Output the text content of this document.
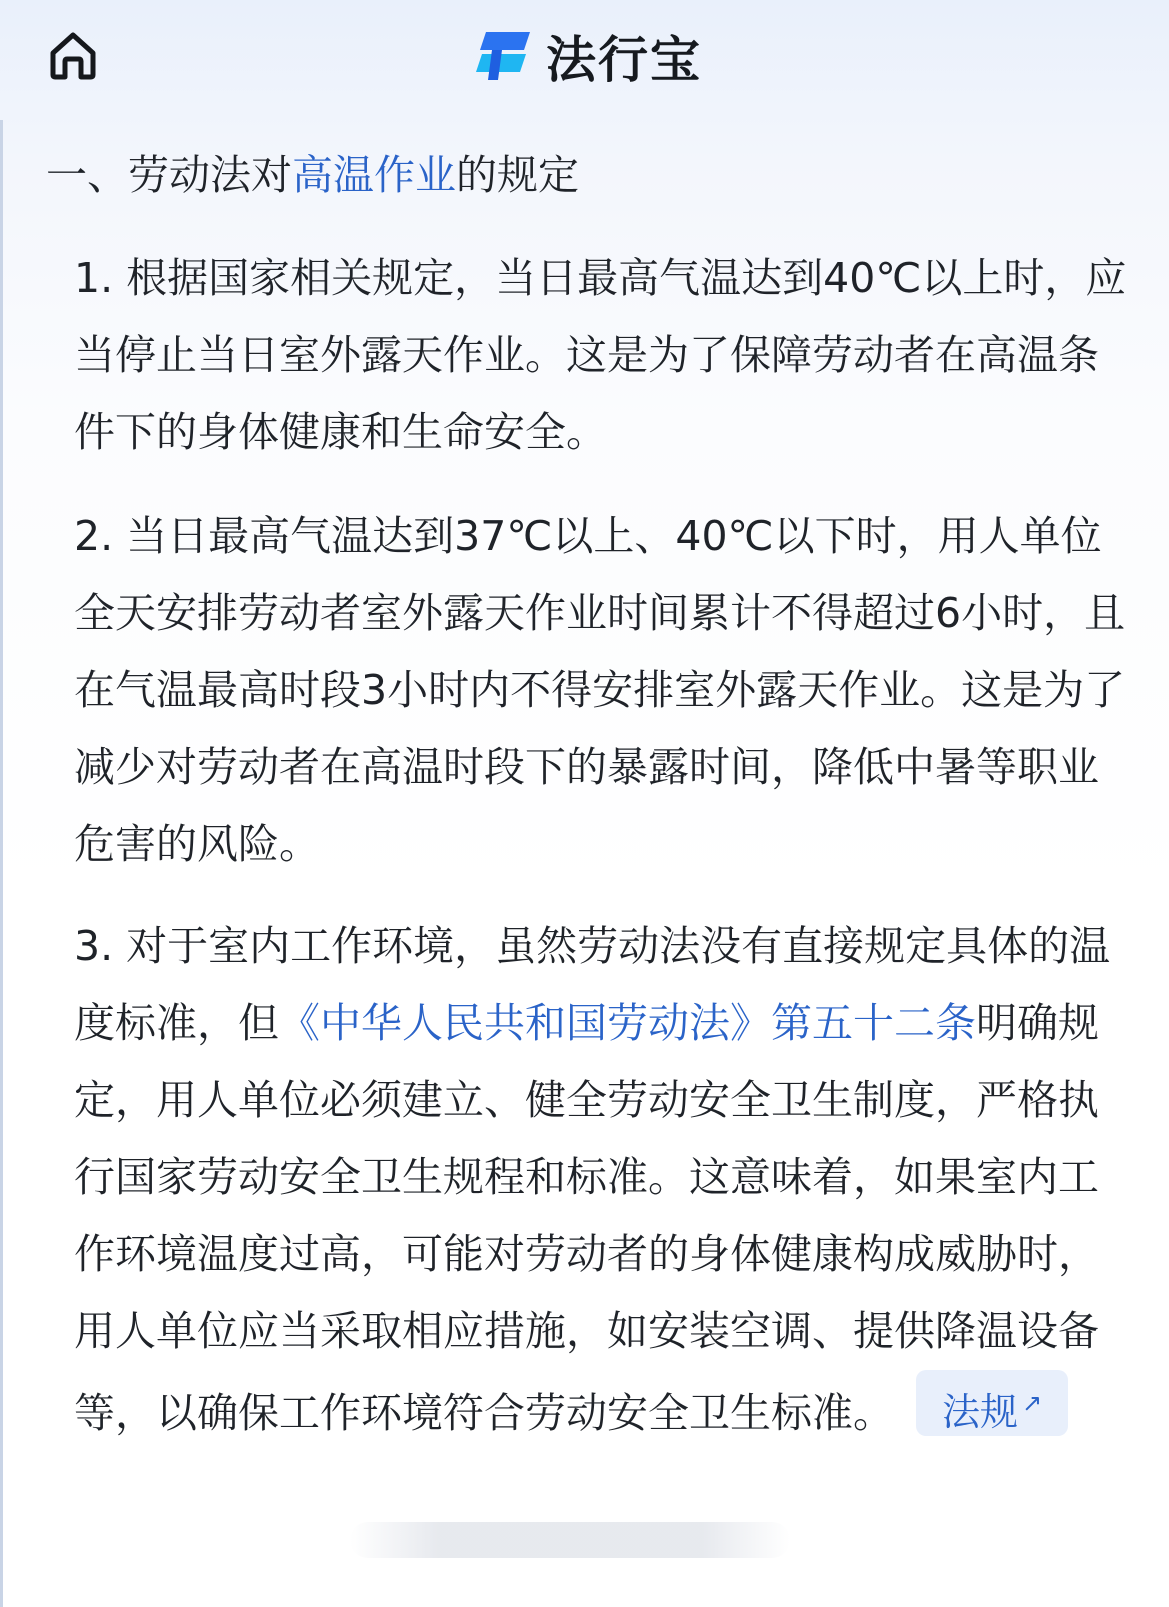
法行宝
一、劳动法对高温作业的规定
1. 根据国家相关规定，当日最高气温达到40℃以上时，应当停止当日室外露天作业。这是为了保障劳动者在高温条件下的身体健康和生命安全。
2. 当日最高气温达到37℃以上、40℃以下时，用人单位全天安排劳动者室外露天作业时间累计不得超过6小时，且在气温最高时段3小时内不得安排室外露天作业。这是为了减少对劳动者在高温时段下的暴露时间，降低中暑等职业危害的风险。
3. 对于室内工作环境，虽然劳动法没有直接规定具体的温度标准，但《中华人民共和国劳动法》第五十二条明确规定，用人单位必须建立、健全劳动安全卫生制度，严格执行国家劳动安全卫生规程和标准。这意味着，如果室内工作环境温度过高，可能对劳动者的身体健康构成威胁时，用人单位应当采取相应措施，如安装空调、提供降温设备等，以确保工作环境符合劳动安全卫生标准。 法规 ↗
